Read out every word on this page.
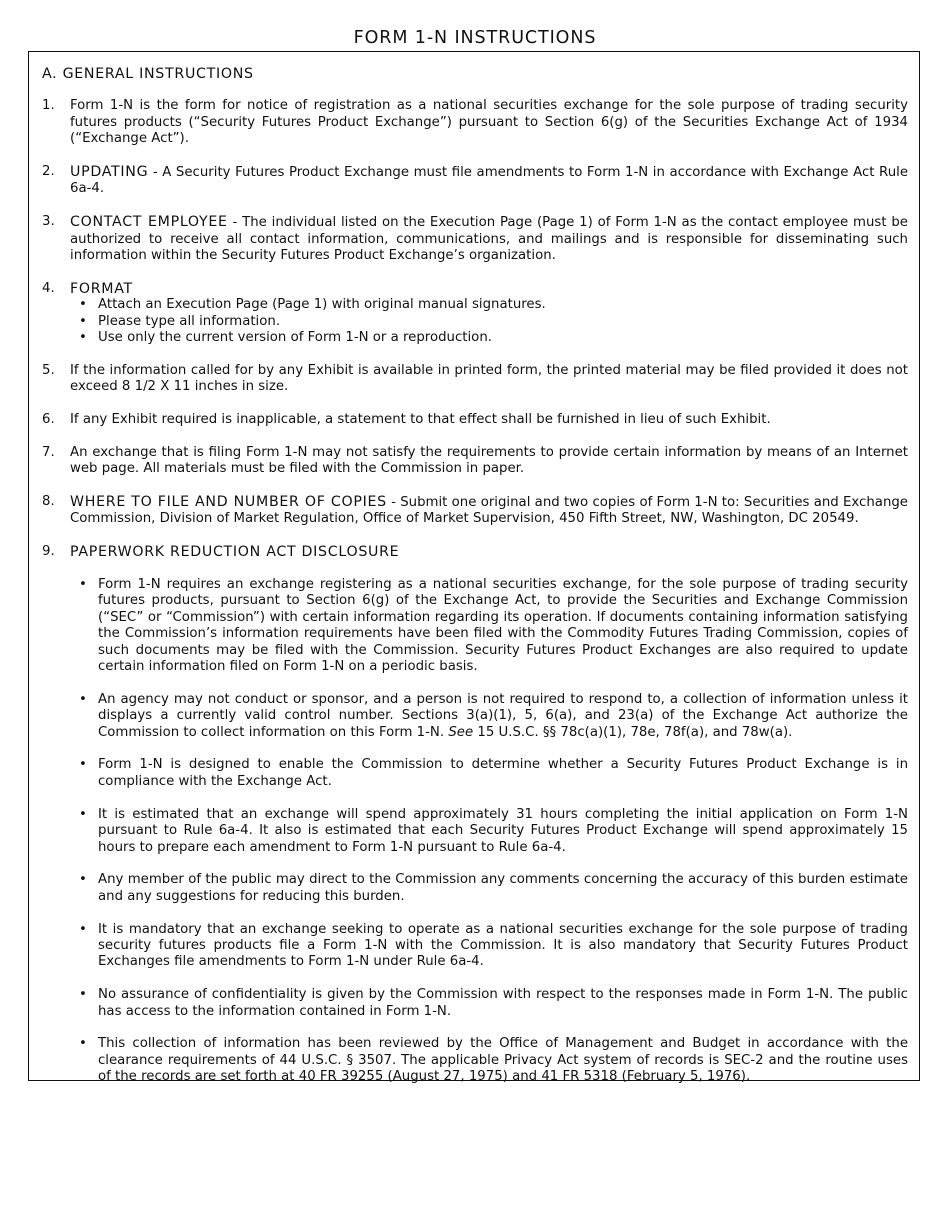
FORM 1-N INSTRUCTIONS
A. GENERAL INSTRUCTIONS
1. Form 1-N is the form for notice of registration as a national securities exchange for the sole purpose of trading security futures products (“Security Futures Product Exchange”) pursuant to Section 6(g) of the Securities Exchange Act of 1934 (“Exchange Act”).
2. UPDATING - A Security Futures Product Exchange must file amendments to Form 1-N in accordance with Exchange Act Rule 6a-4.
3. CONTACT EMPLOYEE - The individual listed on the Execution Page (Page 1) of Form 1-N as the contact employee must be authorized to receive all contact information, communications, and mailings and is responsible for disseminating such information within the Security Futures Product Exchange’s organization.
4. FORMAT
• Attach an Execution Page (Page 1) with original manual signatures.
• Please type all information.
• Use only the current version of Form 1-N or a reproduction.
5. If the information called for by any Exhibit is available in printed form, the printed material may be filed provided it does not exceed 8 1/2 X 11 inches in size.
6. If any Exhibit required is inapplicable, a statement to that effect shall be furnished in lieu of such Exhibit.
7. An exchange that is filing Form 1-N may not satisfy the requirements to provide certain information by means of an Internet web page. All materials must be filed with the Commission in paper.
8. WHERE TO FILE AND NUMBER OF COPIES - Submit one original and two copies of Form 1-N to: Securities and Exchange Commission, Division of Market Regulation, Office of Market Supervision, 450 Fifth Street, NW, Washington, DC 20549.
9. PAPERWORK REDUCTION ACT DISCLOSURE
• Form 1-N requires an exchange registering as a national securities exchange, for the sole purpose of trading security futures products, pursuant to Section 6(g) of the Exchange Act, to provide the Securities and Exchange Commission (“SEC” or “Commission”) with certain information regarding its operation. If documents containing information satisfying the Commission’s information requirements have been filed with the Commodity Futures Trading Commission, copies of such documents may be filed with the Commission. Security Futures Product Exchanges are also required to update certain information filed on Form 1-N on a periodic basis.
• An agency may not conduct or sponsor, and a person is not required to respond to, a collection of information unless it displays a currently valid control number. Sections 3(a)(1), 5, 6(a), and 23(a) of the Exchange Act authorize the Commission to collect information on this Form 1-N. See 15 U.S.C. §§ 78c(a)(1), 78e, 78f(a), and 78w(a).
• Form 1-N is designed to enable the Commission to determine whether a Security Futures Product Exchange is in compliance with the Exchange Act.
• It is estimated that an exchange will spend approximately 31 hours completing the initial application on Form 1-N pursuant to Rule 6a-4. It also is estimated that each Security Futures Product Exchange will spend approximately 15 hours to prepare each amendment to Form 1-N pursuant to Rule 6a-4.
• Any member of the public may direct to the Commission any comments concerning the accuracy of this burden estimate and any suggestions for reducing this burden.
• It is mandatory that an exchange seeking to operate as a national securities exchange for the sole purpose of trading security futures products file a Form 1-N with the Commission. It is also mandatory that Security Futures Product Exchanges file amendments to Form 1-N under Rule 6a-4.
• No assurance of confidentiality is given by the Commission with respect to the responses made in Form 1-N. The public has access to the information contained in Form 1-N.
• This collection of information has been reviewed by the Office of Management and Budget in accordance with the clearance requirements of 44 U.S.C. § 3507. The applicable Privacy Act system of records is SEC-2 and the routine uses of the records are set forth at 40 FR 39255 (August 27, 1975) and 41 FR 5318 (February 5, 1976).
